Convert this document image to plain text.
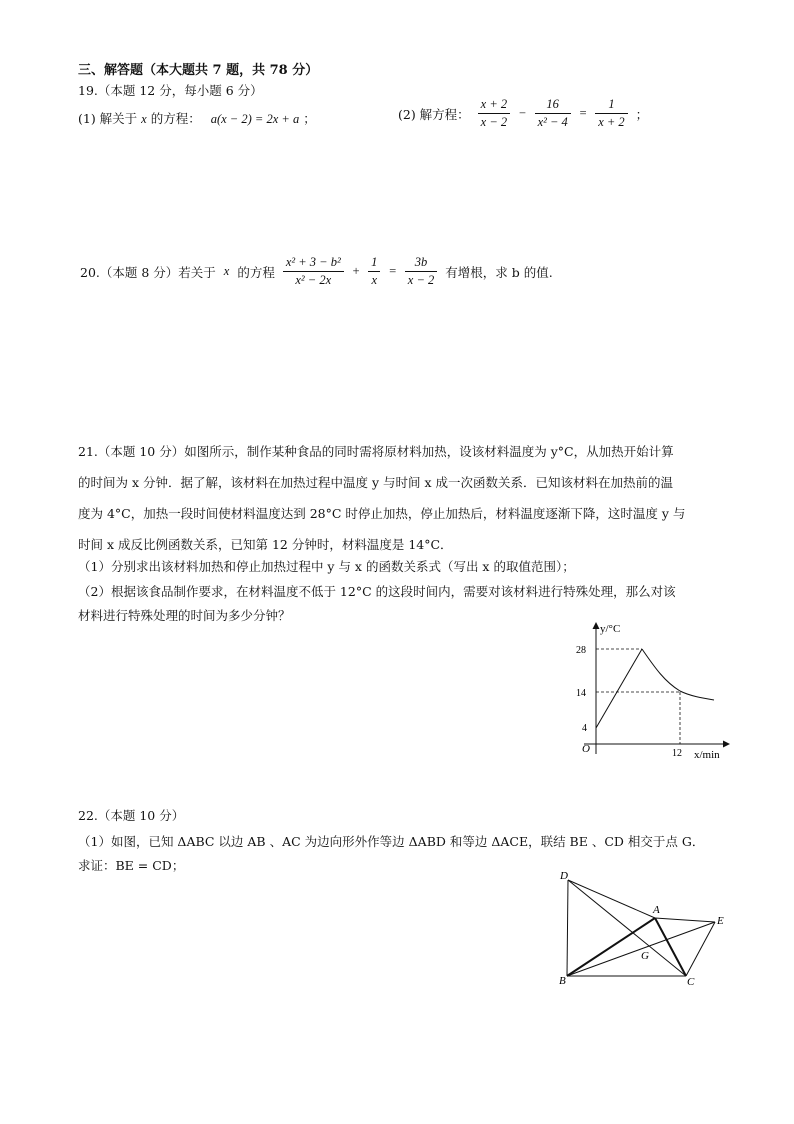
三、解答题（本大题共 7 题，共 78 分）
19.（本题 12 分，每小题 6 分）
(1) 解关于 x 的方程： a(x − 2) = 2x + a ；	(2) 解方程： $\frac{x + 2}{x - 2} - \frac{16}{\text{x² − 4}} = \frac{1}{x + 2}$ ；
20.（本题 8 分）若关于 x 的方程 $\frac{\text{x² + 3 − b²}}{\text{x² − 2x}} + \frac{1}{x} = \frac{3b}{x - 2}$ 有增根，求 b 的值.
21.（本题 10 分）如图所示，制作某种食品的同时需将原材料加热，设该材料温度为 y°C，从加热开始计算
的时间为 x 分钟．据了解，该材料在加热过程中温度 y 与时间 x 成一次函数关系．已知该材料在加热前的温
度为 4°C，加热一段时间使材料温度达到 28°C 时停止加热，停止加热后，材料温度逐渐下降，这时温度 y 与
时间 x 成反比例函数关系，已知第 12 分钟时，材料温度是 14°C．
（1）分别求出该材料加热和停止加热过程中 y 与 x 的函数关系式（写出 x 的取值范围）；
（2）根据该食品制作要求，在材料温度不低于 12°C 的这段时间内，需要对该材料进行特殊处理，那么对该
材料进行特殊处理的时间为多少分钟？
y/°C
x/min
O
28
14
4
12
22.（本题 10 分）
（1）如图，已知 ΔABC 以边 AB 、AC 为边向形外作等边 ΔABD 和等边 ΔACE，联结 BE 、CD 相交于点 G．
求证：BE = CD；
D
A
E
G
B	C
